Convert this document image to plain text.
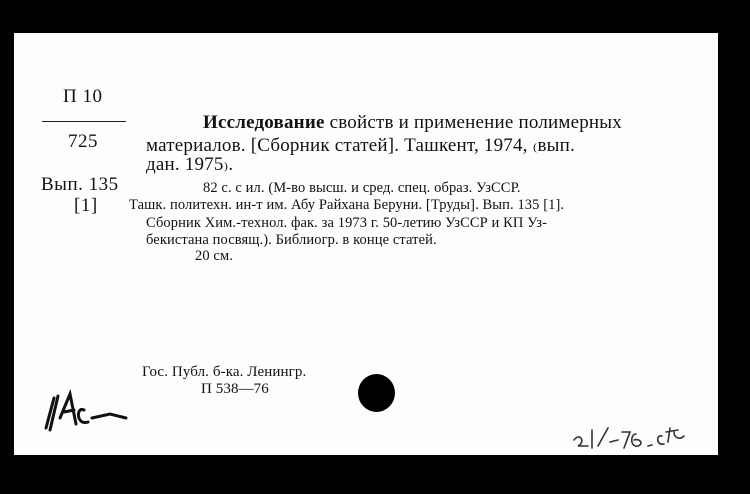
П 10
725
Вып. 135
[1]
Исследование свойств и применение полимерных
материалов. [Сборник статей]. Ташкент, 1974, ₍вып.
дан. 1975₎.
82 с. с ил. (М-во высш. и сред. спец. образ. УзССР.
Ташк. политехн. ин-т им. Абу Райхана Беруни. [Труды]. Вып. 135 [1].
Сборник Хим.-технол. фак. за 1973 г. 50-летию УзССР и КП Уз-
бекистана посвящ.). Библиогр. в конце статей.
20 см.
Гос. Публ. б-ка. Ленингр.
П 538—76
